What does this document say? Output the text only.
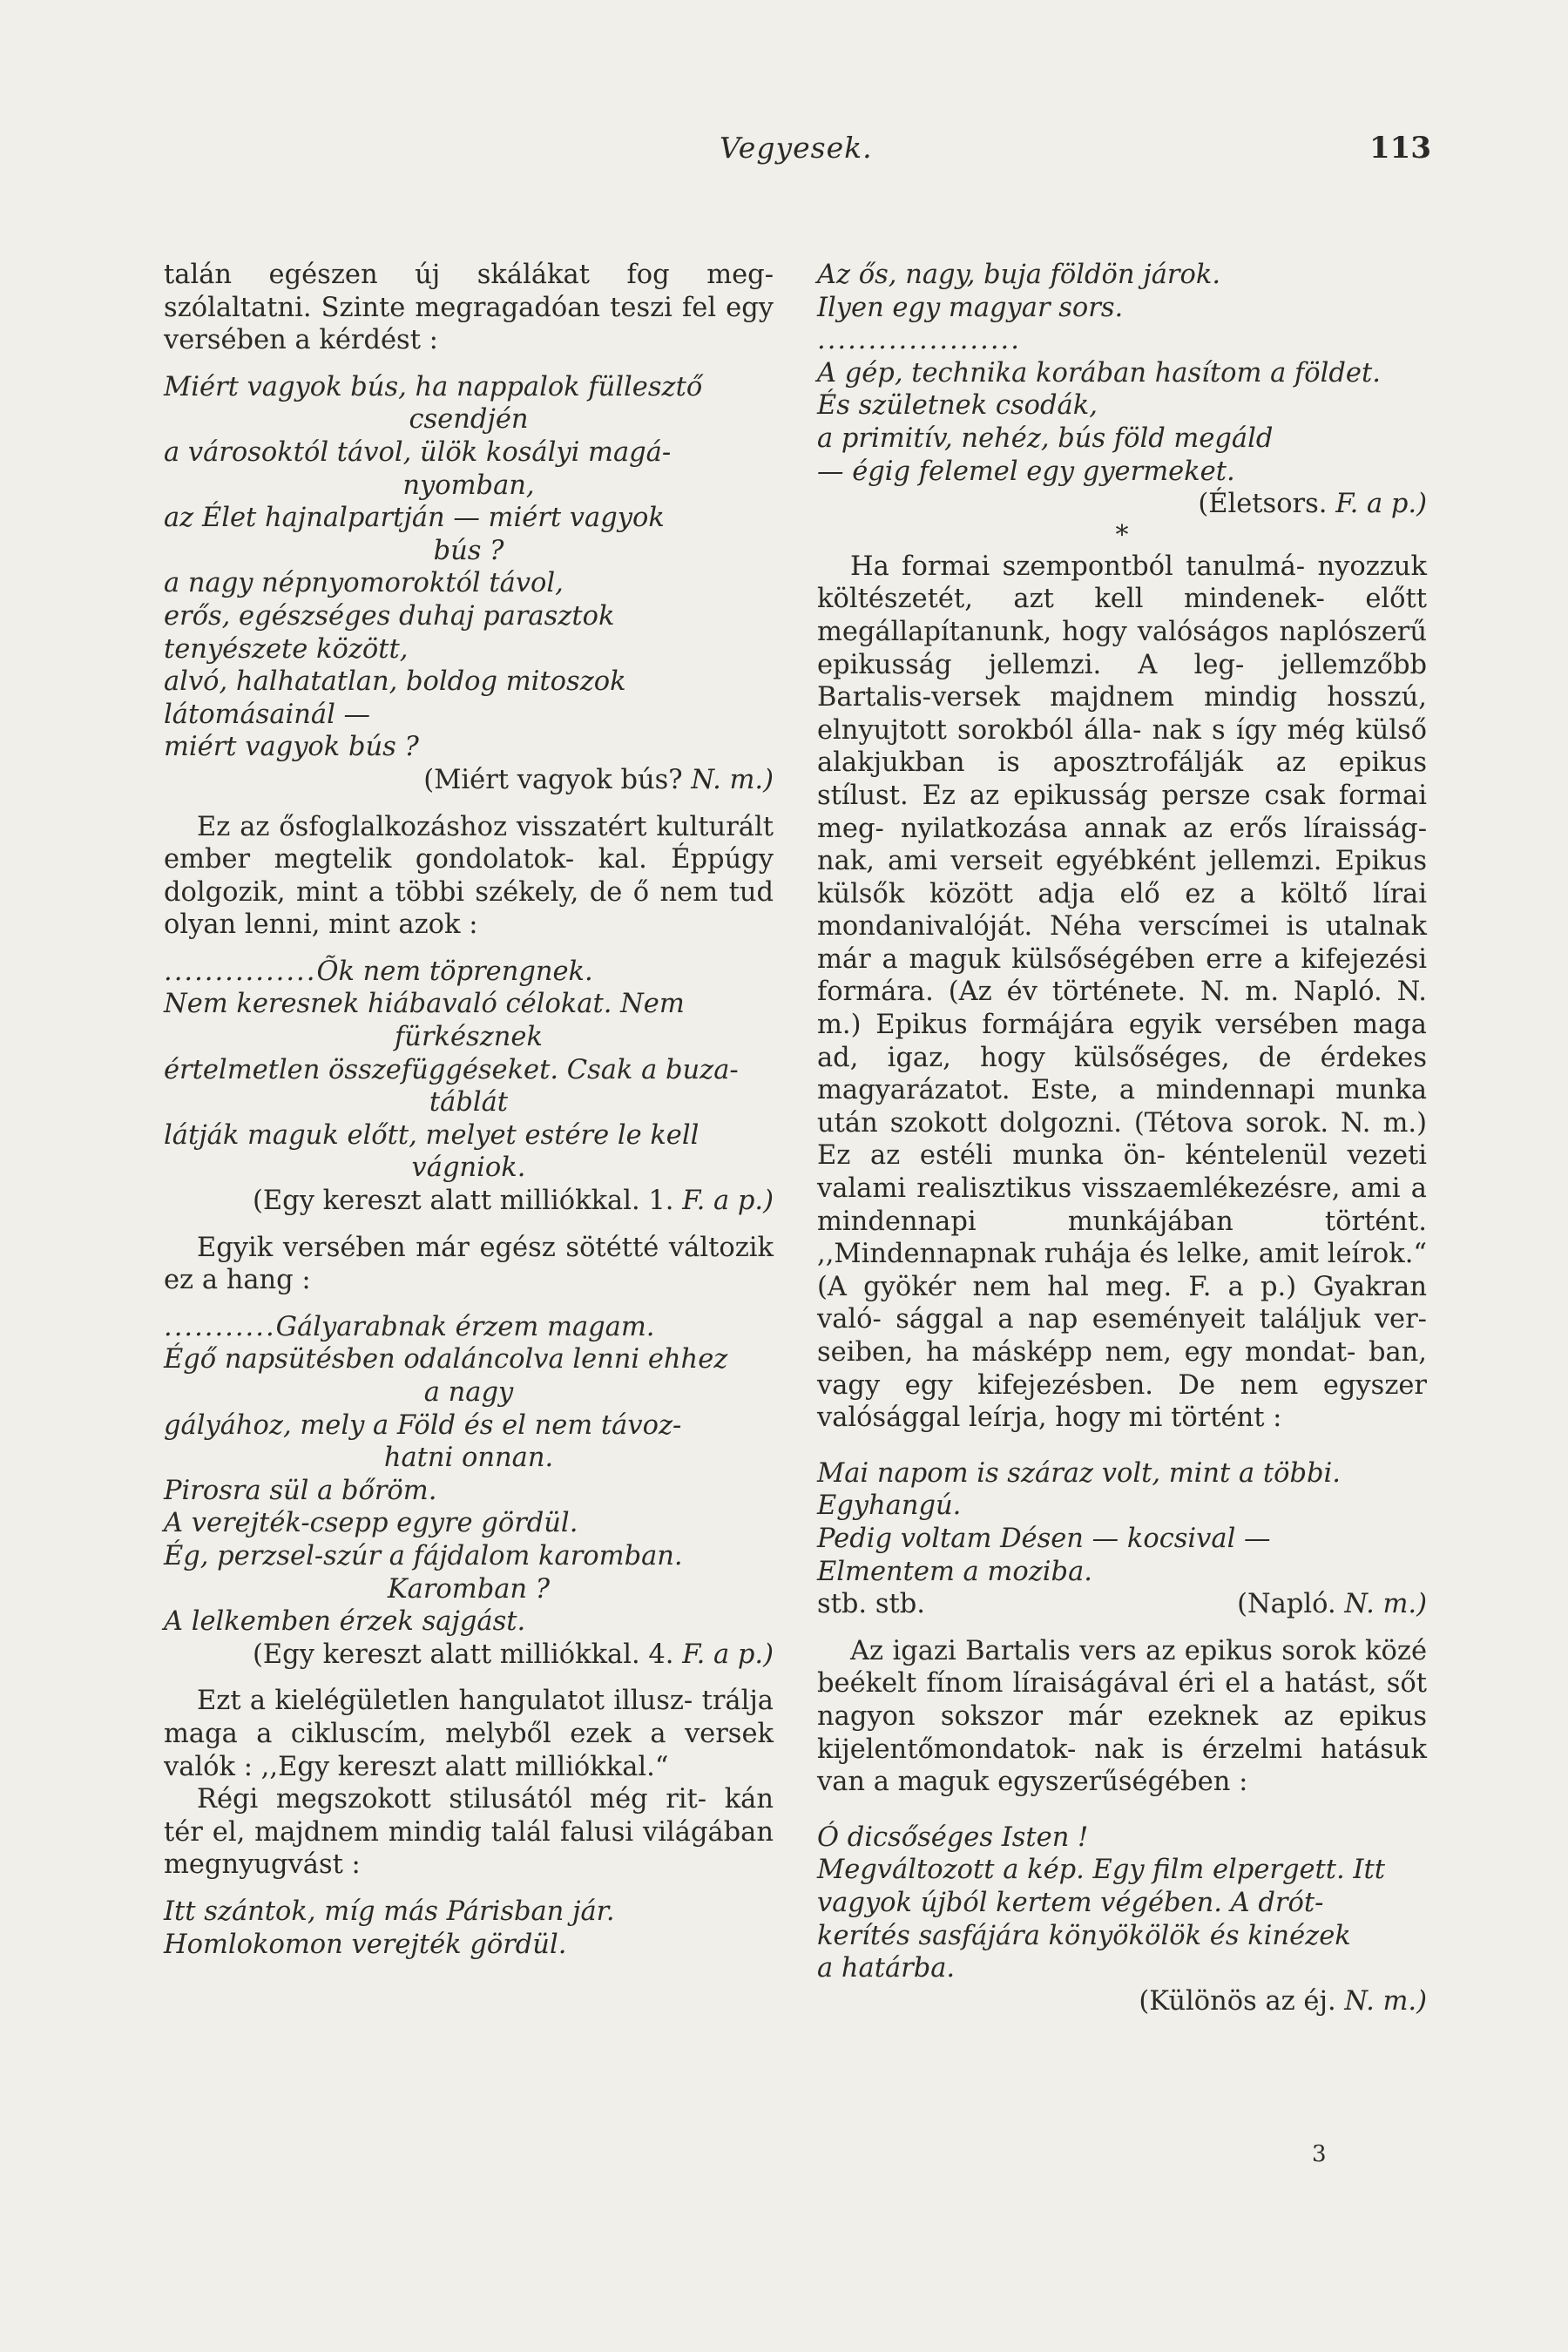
Vegyesek.	113

talán egészen új skálákat fog meg- szólaltatni. Szinte megragadóan teszi fel egy versében a kérdést :

Miért vagyok bús, ha nappalok füllesztő
csendjén
a városoktól távol, ülök kosályi magá-
nyomban,
az Élet hajnalpartján — miért vagyok
bús ?
a nagy népnyomoroktól távol,
erős, egészséges duhaj parasztok
tenyészete között,
alvó, halhatatlan, boldog mitoszok
látomásainál —
miért vagyok bús ?

(Miért vagyok bús? N. m.)

Ez az ősfoglalkozáshoz visszatért kulturált ember megtelik gondolatok- kal. Éppúgy dolgozik, mint a többi székely, de ő nem tud olyan lenni, mint azok :

...............Õk nem töprengnek.
Nem keresnek hiábavaló célokat. Nem
fürkésznek
értelmetlen összefüggéseket. Csak a buza-
táblát
látják maguk előtt, melyet estére le kell
vágniok.

(Egy kereszt alatt milliókkal. 1. F. a p.)

Egyik versében már egész sötétté változik ez a hang :

...........Gályarabnak érzem magam.
Égő napsütésben odaláncolva lenni ehhez
a nagy
gályához, mely a Föld és el nem távoz-
hatni onnan.
Pirosra sül a bőröm.
A verejték-csepp egyre gördül.
Ég, perzsel-szúr a fájdalom karomban.
Karomban ?
A lelkemben érzek sajgást.

(Egy kereszt alatt milliókkal. 4. F. a p.)

Ezt a kielégületlen hangulatot illusz- trálja maga a cikluscím, melyből ezek a versek valók : ,,Egy kereszt alatt milliókkal.“

Régi megszokott stilusától még rit- kán tér el, majdnem mindig talál falusi világában megnyugvást :

Itt szántok, míg más Párisban jár.
Homlokomon verejték gördül.
Az ős, nagy, buja földön járok.
Ilyen egy magyar sors.
....................
A gép, technika korában hasítom a földet.
És születnek csodák,
a primitív, nehéz, bús föld megáld
— égig felemel egy gyermeket.

(Életsors. F. a p.)

*

Ha formai szempontból tanulmá- nyozzuk költészetét, azt kell mindenek- előtt megállapítanunk, hogy valóságos naplószerű epikusság jellemzi. A leg- jellemzőbb Bartalis-versek majdnem mindig hosszú, elnyujtott sorokból álla- nak s így még külső alakjukban is aposztrofálják az epikus stílust. Ez az epikusság persze csak formai meg- nyilatkozása annak az erős líraisság- nak, ami verseit egyébként jellemzi. Epikus külsők között adja elő ez a költő lírai mondanivalóját. Néha verscímei is utalnak már a maguk külsőségében erre a kifejezési formára. (Az év története. N. m. Napló. N. m.) Epikus formájára egyik versében maga ad, igaz, hogy külsőséges, de érdekes magyarázatot. Este, a mindennapi munka után szokott dolgozni. (Tétova sorok. N. m.) Ez az estéli munka ön- kéntelenül vezeti valami realisztikus visszaemlékezésre, ami a mindennapi	munkájában történt. ,,Mindennapnak ruhája és lelke, amit leírok.“ (A gyökér nem hal meg. F. a p.) Gyakran való- sággal a nap eseményeit találjuk ver- seiben, ha másképp nem, egy mondat- ban, vagy egy kifejezésben. De nem egyszer valósággal leírja, hogy mi történt :

Mai napom is száraz volt, mint a többi.
Egyhangú.
Pedig voltam Désen — kocsival —
Elmentem a moziba.

stb. stb.	(Napló. N. m.)

Az igazi Bartalis vers az epikus sorok közé beékelt fínom líraiságával éri el a hatást, sőt nagyon sokszor már ezeknek az epikus kijelentőmondatok- nak is érzelmi hatásuk van a maguk egyszerűségében :

Ó dicsőséges Isten !
Megváltozott a kép. Egy film elpergett. Itt
vagyok újból kertem végében. A drót-
kerítés sasfájára könyökölök és kinézek
a határba.

(Különös az éj. N. m.)

3
